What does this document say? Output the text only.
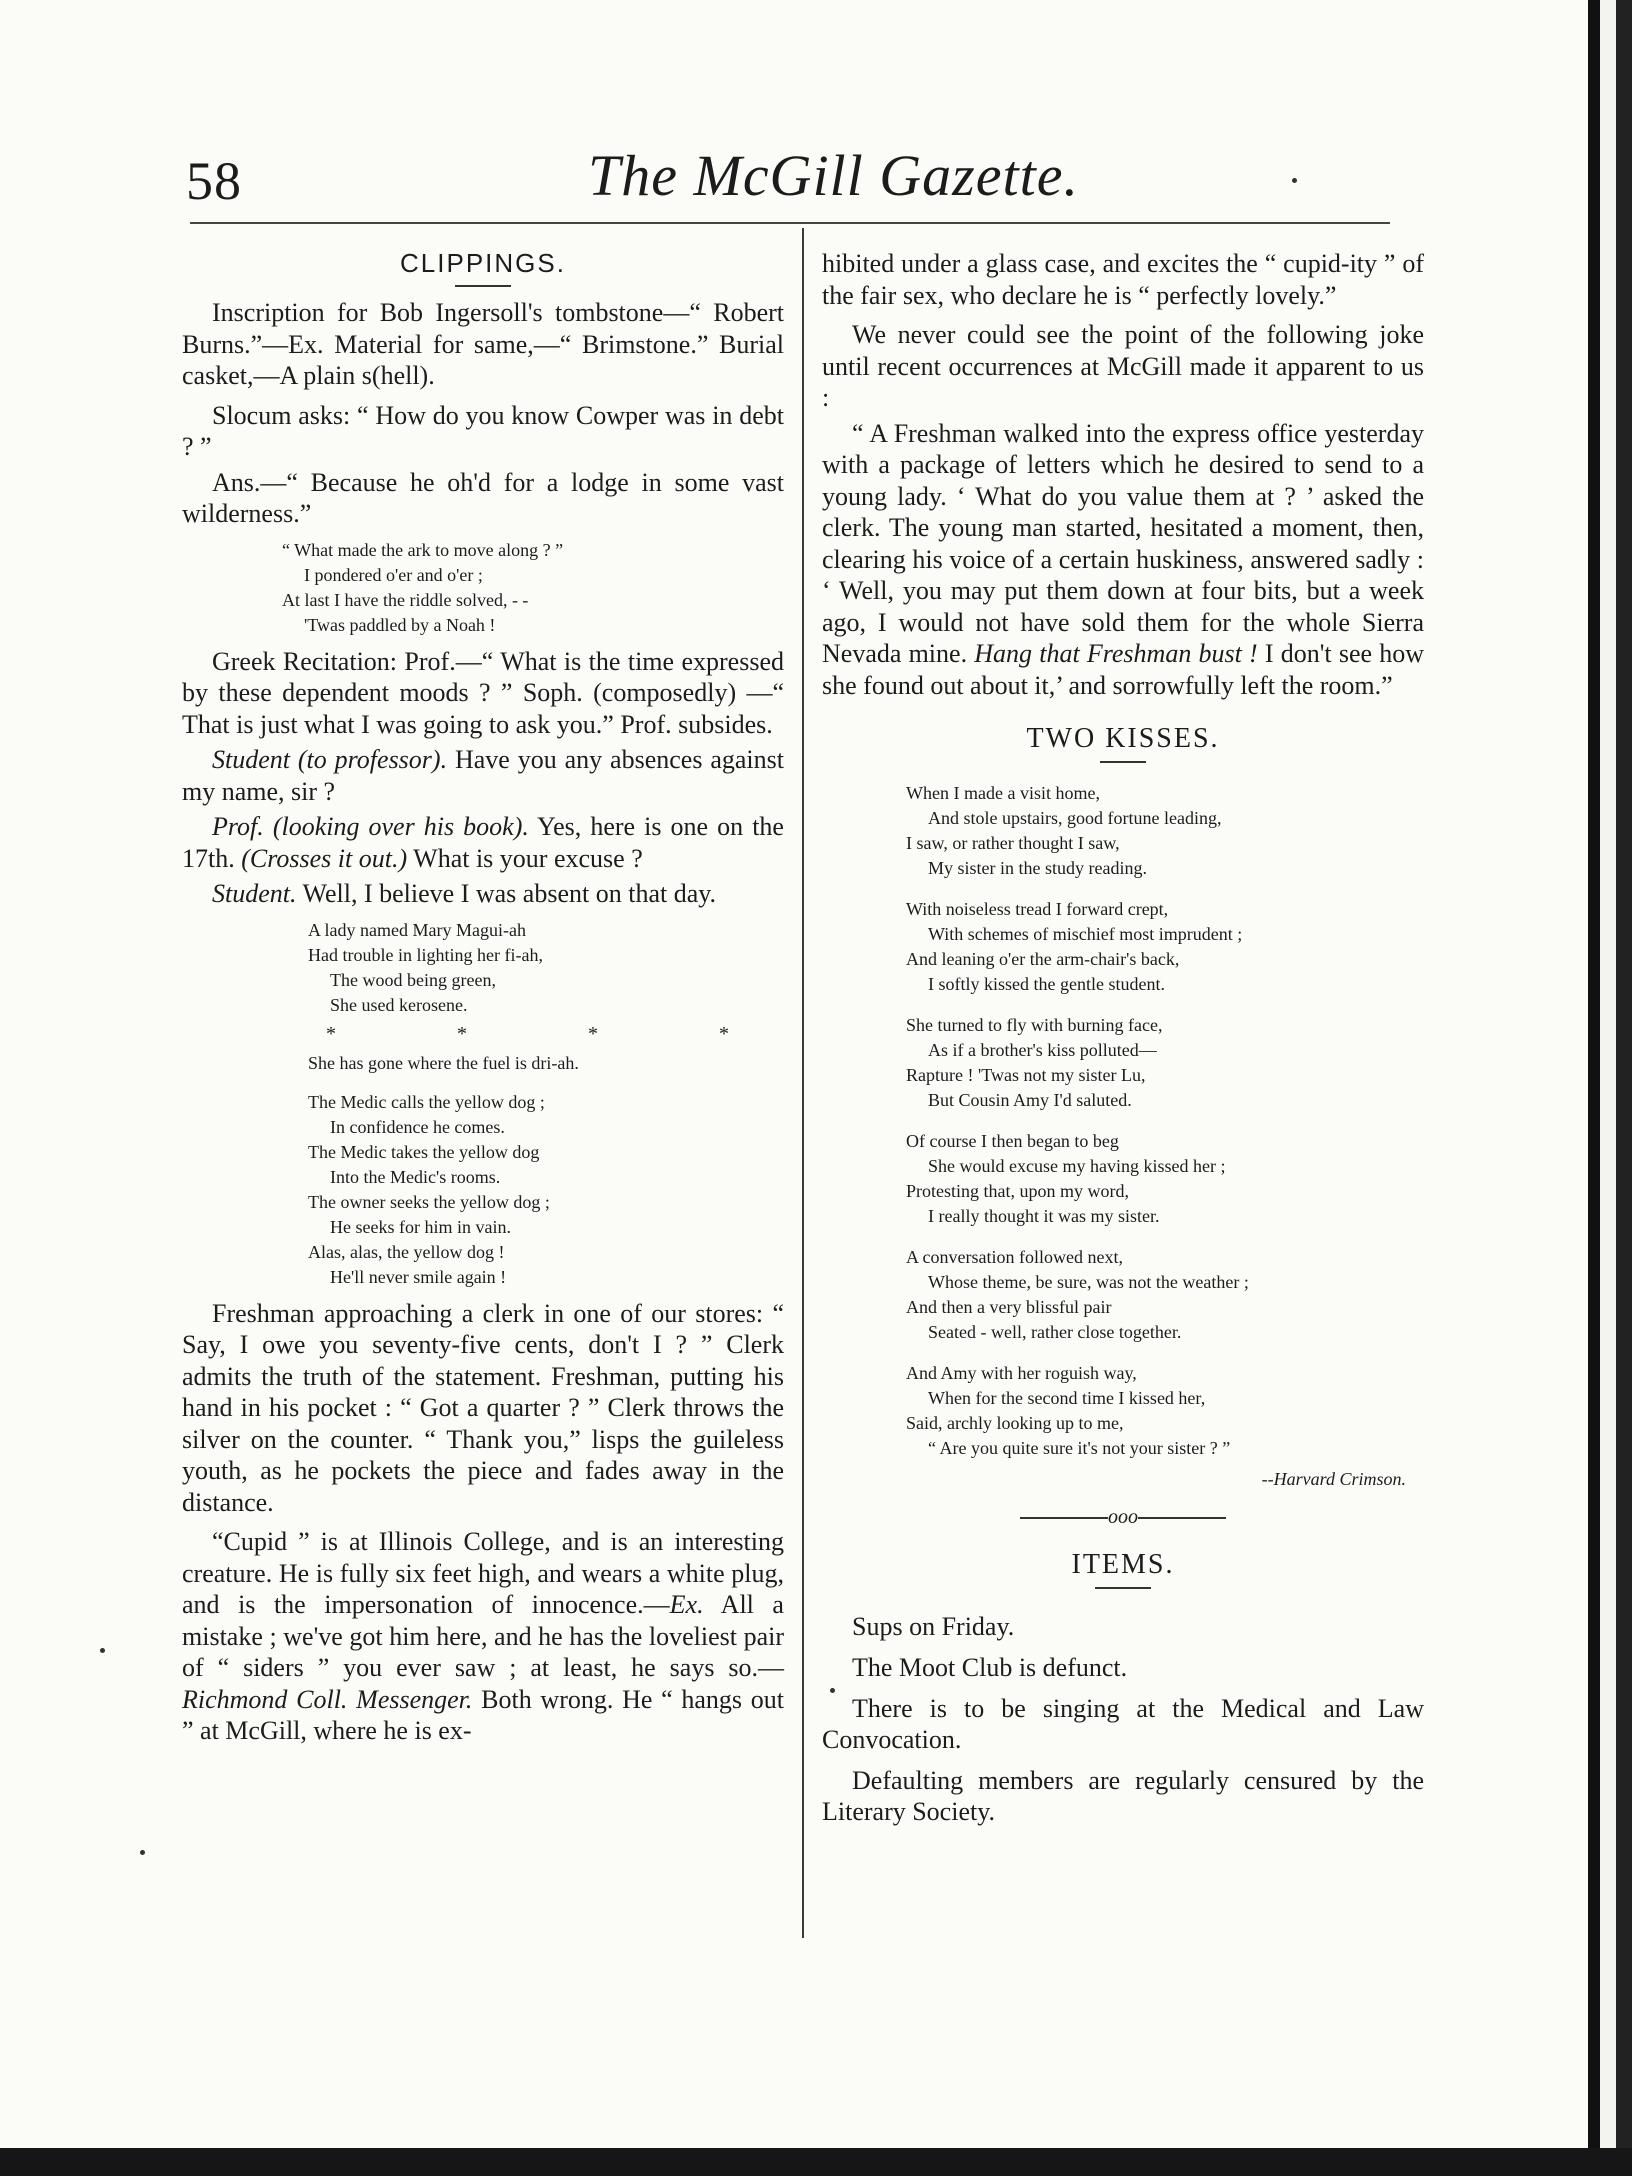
58	The McGill Gazette.
CLIPPINGS.

Inscription for Bob Ingersoll's tombstone—“ Robert Burns.”—Ex. Material for same,—“ Brimstone.” Burial casket,—A plain s(hell).

Slocum asks: “ How do you know Cowper was in debt ? ”

Ans.—“ Because he oh'd for a lodge in some vast wilderness.”

“ What made the ark to move along ? ”
I pondered o'er and o'er ;
At last I have the riddle solved, - -
'Twas paddled by a Noah !

Greek Recitation: Prof.—“ What is the time expressed by these dependent moods ? ” Soph. (composedly) —“ That is just what I was going to ask you.” Prof. subsides.

Student (to professor). Have you any absences against my name, sir ?

Prof. (looking over his book). Yes, here is one on the 17th. (Crosses it out.) What is your excuse ?

Student. Well, I believe I was absent on that day.

A lady named Mary Magui-ah
Had trouble in lighting her fi-ah,
The wood being green,
She used kerosene.
* * * *
She has gone where the fuel is dri-ah.
The Medic calls the yellow dog ;
In confidence he comes.
The Medic takes the yellow dog
Into the Medic's rooms.
The owner seeks the yellow dog ;
He seeks for him in vain.
Alas, alas, the yellow dog !
He'll never smile again !

Freshman approaching a clerk in one of our stores: “ Say, I owe you seventy-five cents, don't I ? ” Clerk admits the truth of the statement. Freshman, putting his hand in his pocket : “ Got a quarter ? ” Clerk throws the silver on the counter. “ Thank you,” lisps the guileless youth, as he pockets the piece and fades away in the distance.

“Cupid ” is at Illinois College, and is an interesting creature. He is fully six feet high, and wears a white plug, and is the impersonation of innocence.—Ex. All a mistake ; we've got him here, and he has the loveliest pair of “ siders ” you ever saw ; at least, he says so.—Richmond Coll. Messenger. Both wrong. He “ hangs out ” at McGill, where he is ex-

hibited under a glass case, and excites the “ cupid-ity ” of the fair sex, who declare he is “ perfectly lovely.”

We never could see the point of the following joke until recent occurrences at McGill made it apparent to us :

“ A Freshman walked into the express office yesterday with a package of letters which he desired to send to a young lady. ‘ What do you value them at ? ’ asked the clerk. The young man started, hesitated a moment, then, clearing his voice of a certain huskiness, answered sadly : ‘ Well, you may put them down at four bits, but a week ago, I would not have sold them for the whole Sierra Nevada mine. Hang that Freshman bust ! I don't see how she found out about it,’ and sorrowfully left the room.”

TWO KISSES.
When I made a visit home,
And stole upstairs, good fortune leading,
I saw, or rather thought I saw,
My sister in the study reading.
With noiseless tread I forward crept,
With schemes of mischief most imprudent ;
And leaning o'er the arm-chair's back,
I softly kissed the gentle student.
She turned to fly with burning face,
As if a brother's kiss polluted—
Rapture ! 'Twas not my sister Lu,
But Cousin Amy I'd saluted.
Of course I then began to beg
She would excuse my having kissed her ;
Protesting that, upon my word,
I really thought it was my sister.
A conversation followed next,
Whose theme, be sure, was not the weather ;
And then a very blissful pair
Seated - well, rather close together.
And Amy with her roguish way,
When for the second time I kissed her,
Said, archly looking up to me,
“ Are you quite sure it's not your sister ? ”
--Harvard Crimson.
ooo
ITEMS.

Sups on Friday.

The Moot Club is defunct.

There is to be singing at the Medical and Law Convocation.

Defaulting members are regularly censured by the Literary Society.
